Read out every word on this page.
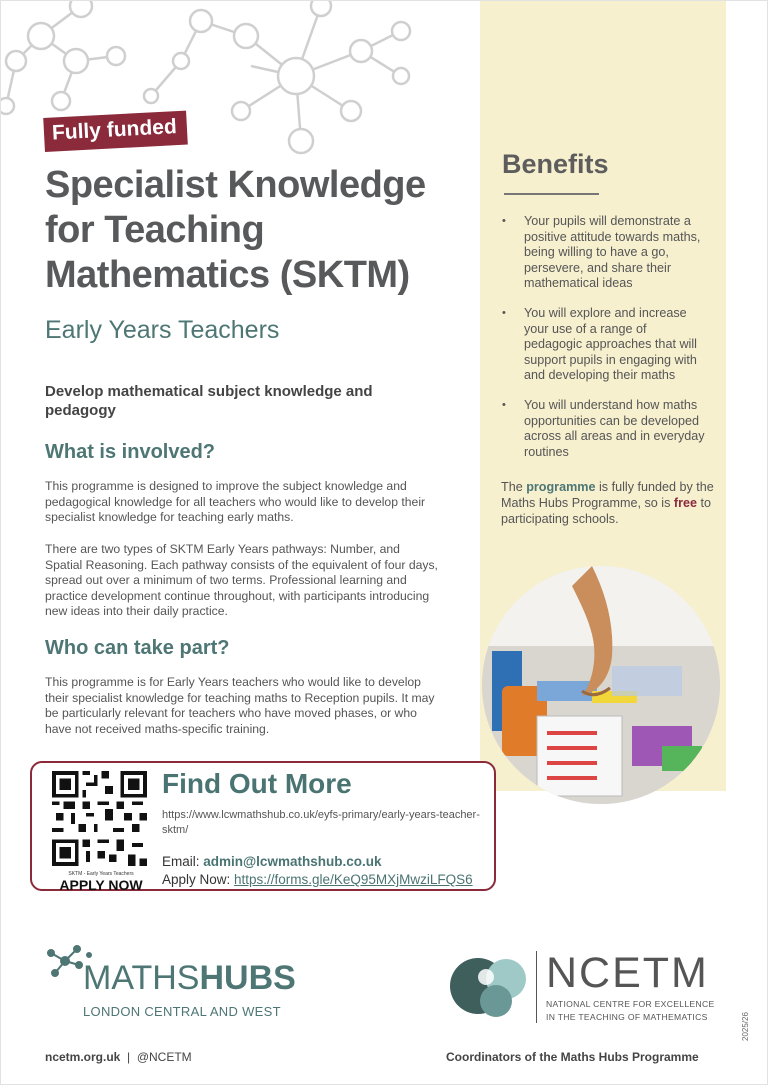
Fully funded
Specialist Knowledge
for Teaching
Mathematics (SKTM)

Early Years Teachers

Develop mathematical subject knowledge and pedagogy

What is involved?

This programme is designed to improve the subject knowledge and pedagogical knowledge for all teachers who would like to develop their specialist knowledge for teaching early maths.

There are two types of SKTM Early Years pathways: Number, and Spatial Reasoning. Each pathway consists of the equivalent of four days, spread out over a minimum of two terms. Professional learning and practice development continue throughout, with participants introducing new ideas into their daily practice.

Who can take part?

This programme is for Early Years teachers who would like to develop their specialist knowledge for teaching maths to Reception pupils. It may be particularly relevant for teachers who have moved phases, or who have not received maths-specific training.

Benefits
• Your pupils will demonstrate a positive attitude towards maths, being willing to have a go, persevere, and share their mathematical ideas
• You will explore and increase your use of a range of pedagogic approaches that will support pupils in engaging with and developing their maths
• You will understand how maths opportunities can be developed across all areas and in everyday routines

The programme is fully funded by the Maths Hubs Programme, so is free to participating schools.

SKTM - Early Years Teachers
APPLY NOW
Find Out More
https://www.lcwmathshub.co.uk/eyfs-primary/early-years-teacher-sktm/
Email: admin@lcwmathshub.co.uk
Apply Now: https://forms.gle/KeQ95MXjMwziLFQS6
MATHSHUBS
LONDON CENTRAL AND WEST
NCETM
NATIONAL CENTRE FOR EXCELLENCE
IN THE TEACHING OF MATHEMATICS
ncetm.org.uk | @NCETM	Coordinators of the Maths Hubs Programme
2025/26
